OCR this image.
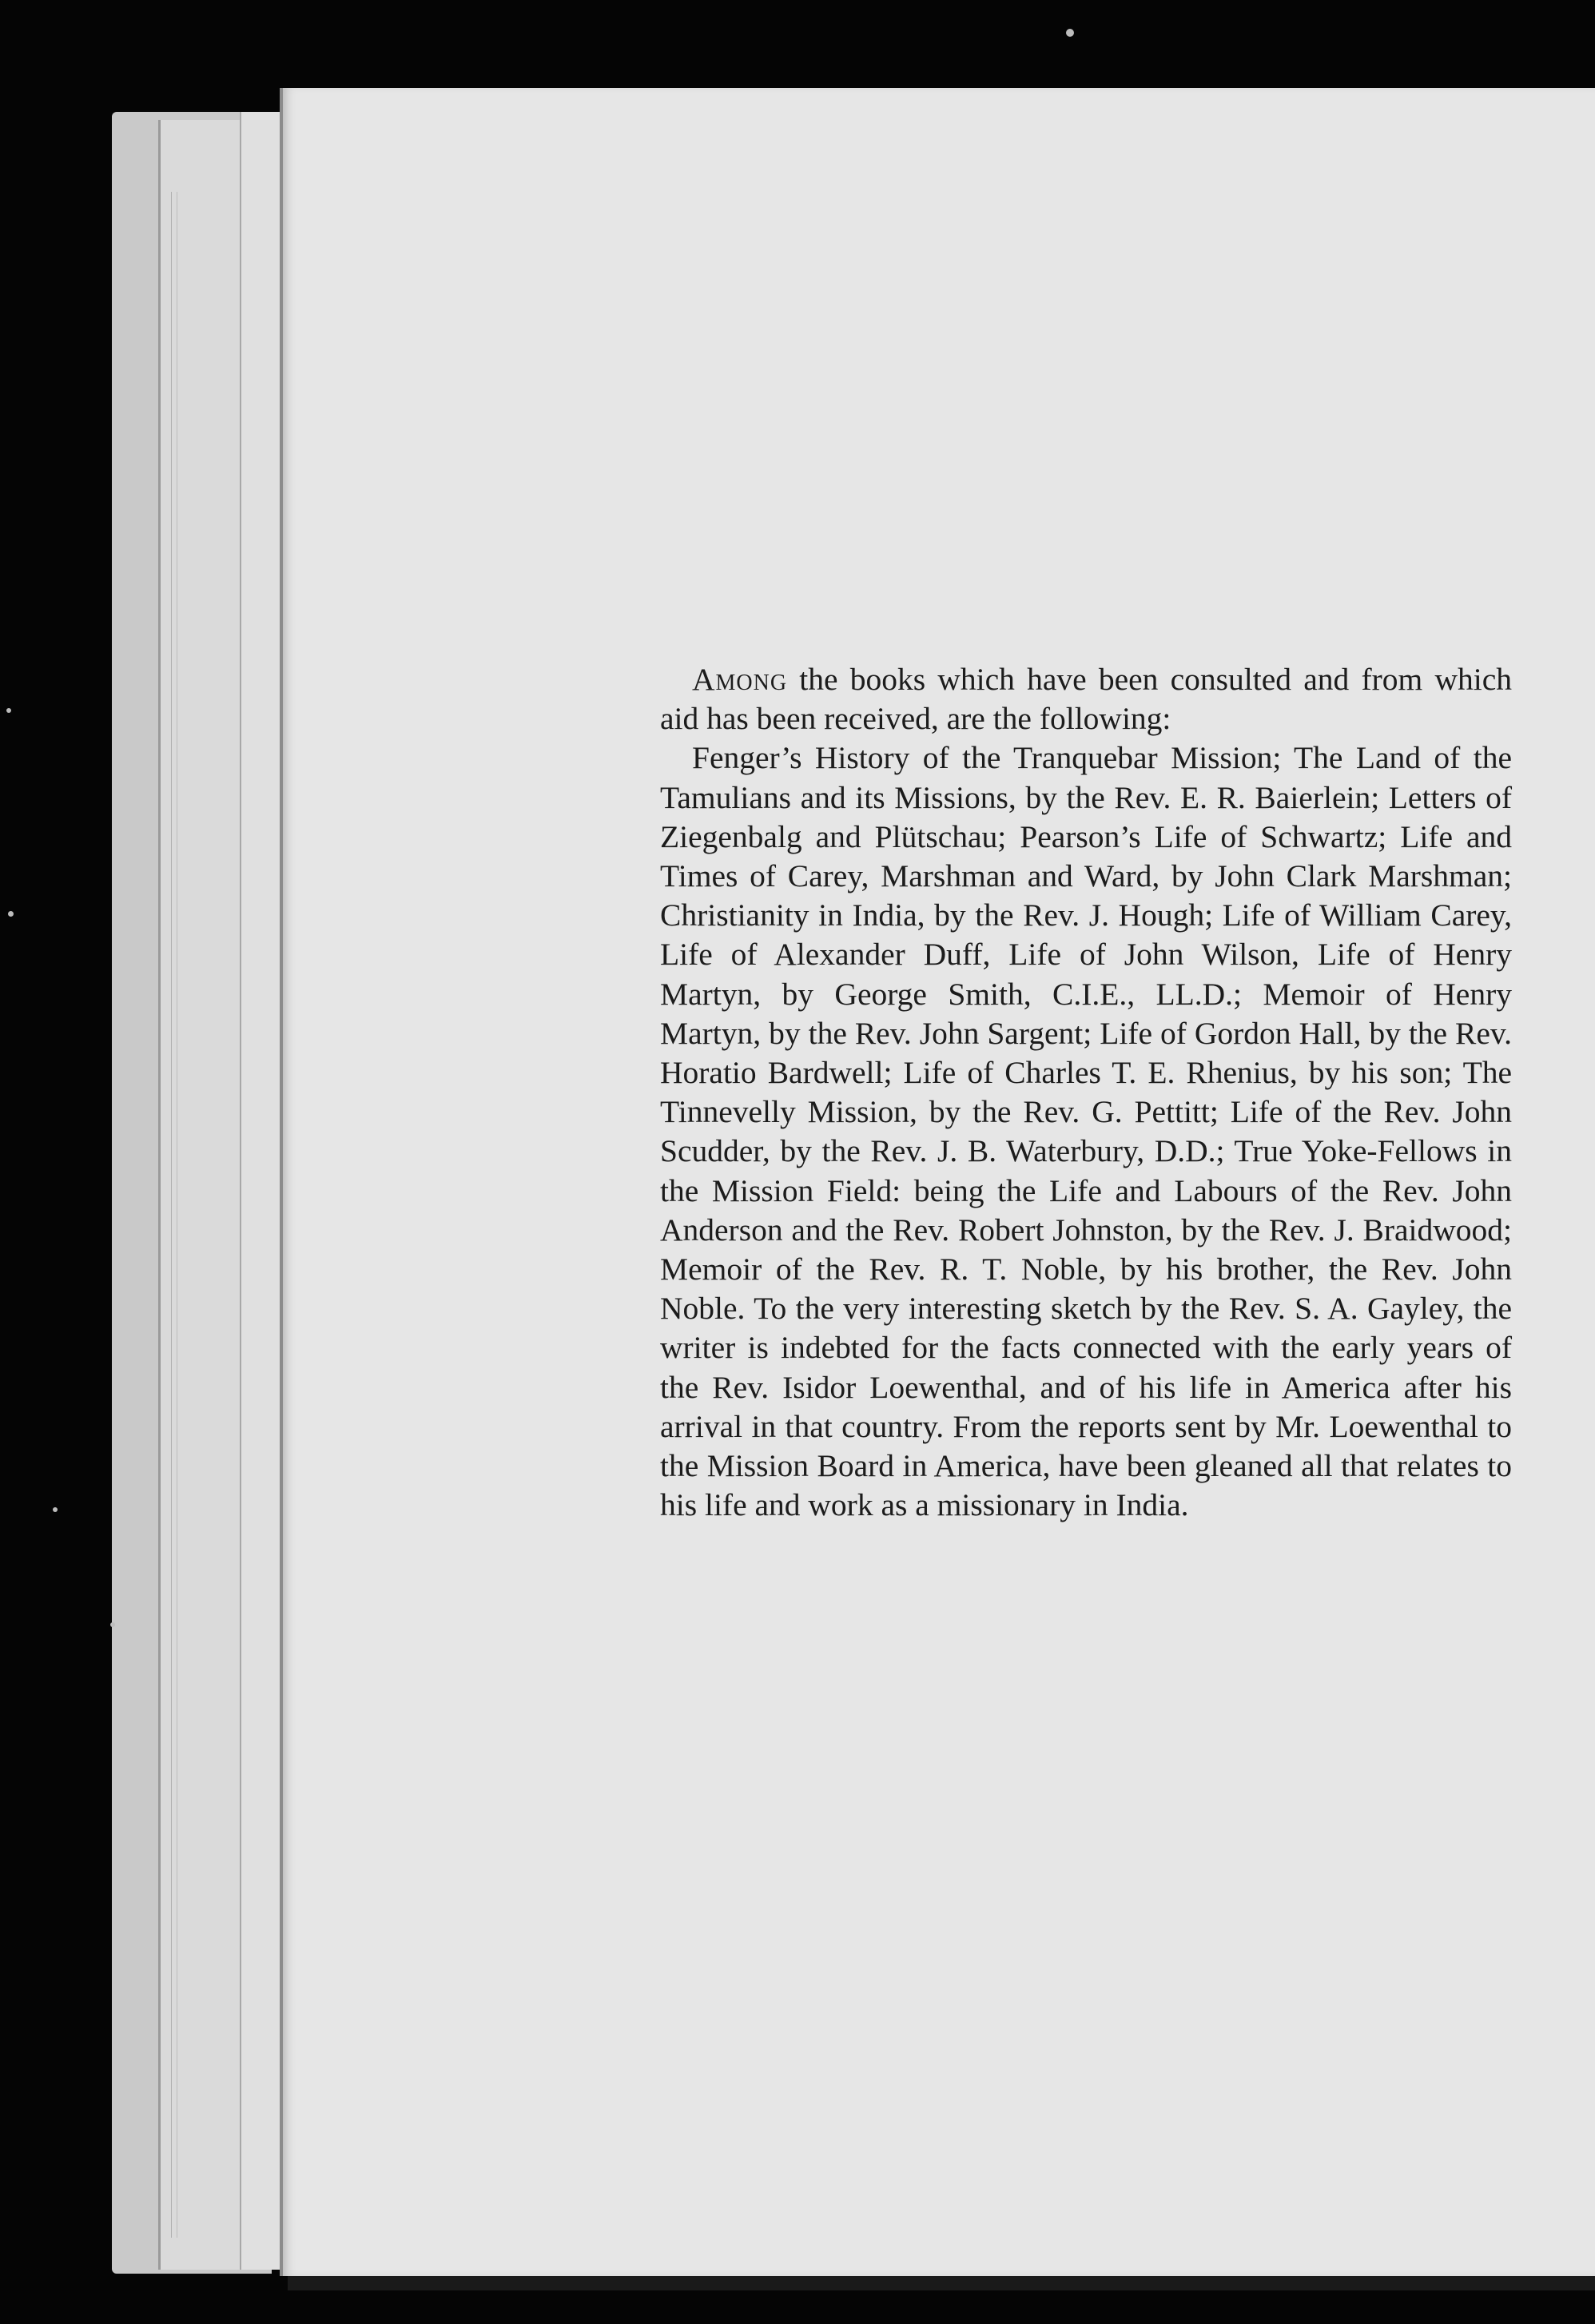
Among the books which have been consulted and from which aid has been received, are the following:

Fenger’s History of the Tranquebar Mission; The Land of the Tamulians and its Missions, by the Rev. E. R. Baierlein; Letters of Ziegenbalg and Plütschau; Pearson’s Life of Schwartz; Life and Times of Carey, Marshman and Ward, by John Clark Marshman; Christianity in India, by the Rev. J. Hough; Life of William Carey, Life of Alexander Duff, Life of John Wilson, Life of Henry Martyn, by George Smith, C.I.E., LL.D.; Memoir of Henry Martyn, by the Rev. John Sargent; Life of Gordon Hall, by the Rev. Horatio Bardwell; Life of Charles T. E. Rhenius, by his son; The Tinnevelly Mission, by the Rev. G. Pettitt; Life of the Rev. John Scudder, by the Rev. J. B. Waterbury, D.D.; True Yoke-Fellows in the Mission Field: being the Life and Labours of the Rev. John Anderson and the Rev. Robert Johnston, by the Rev. J. Braidwood; Memoir of the Rev. R. T. Noble, by his brother, the Rev. John Noble. To the very interesting sketch by the Rev. S. A. Gayley, the writer is indebted for the facts connected with the early years of the Rev. Isidor Loewenthal, and of his life in America after his arrival in that country. From the reports sent by Mr. Loewenthal to the Mission Board in America, have been gleaned all that relates to his life and work as a missionary in India.
